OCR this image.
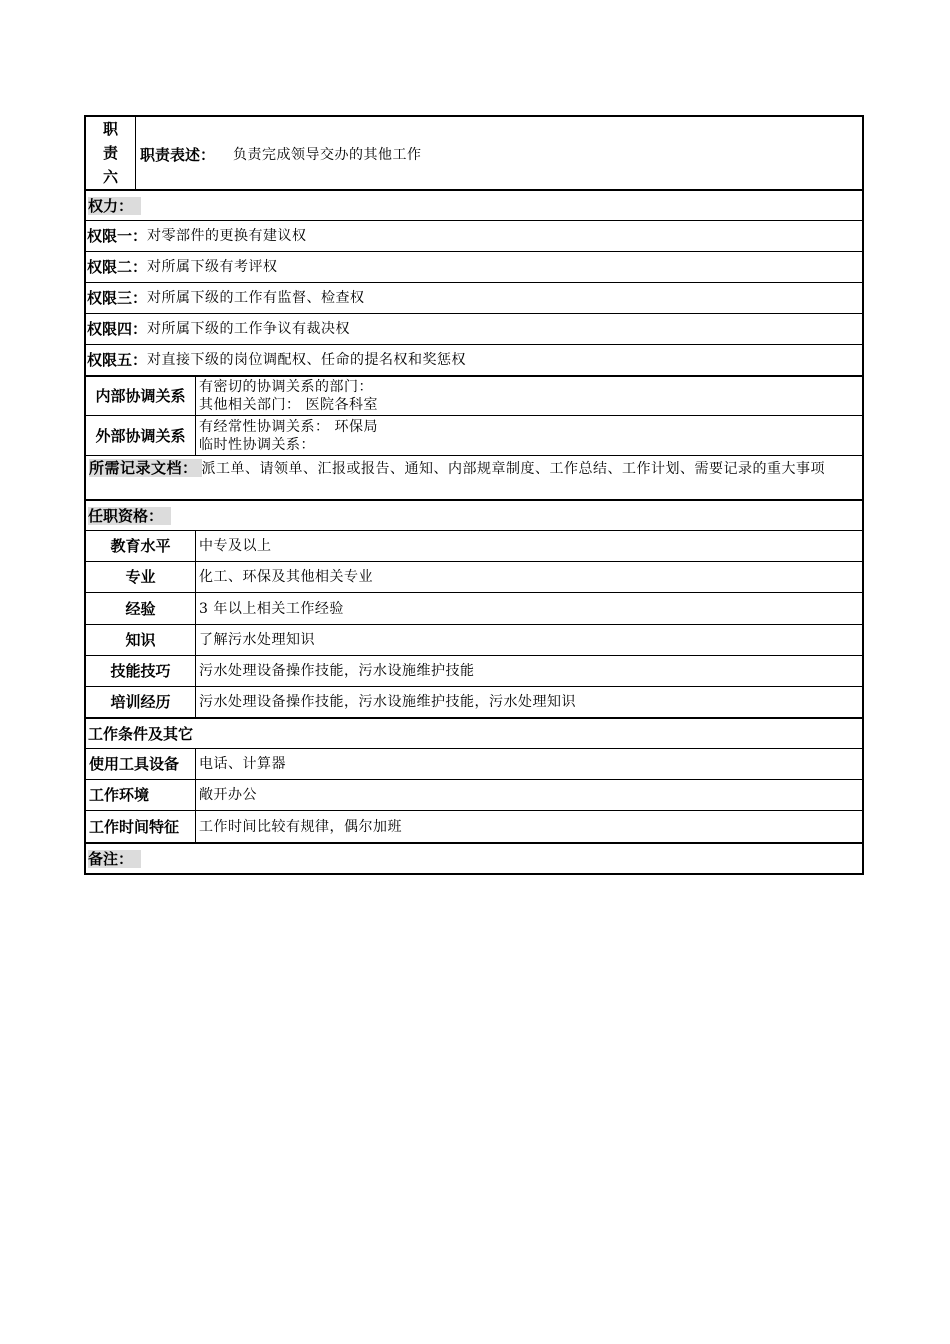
职
责
六
职责表述： 负责完成领导交办的其他工作
权力：
权限一： 对零部件的更换有建议权
权限二： 对所属下级有考评权
权限三： 对所属下级的工作有监督、检查权
权限四： 对所属下级的工作争议有裁决权
权限五： 对直接下级的岗位调配权、任命的提名权和奖惩权
内部协调关系 有密切的协调关系的部门：
其他相关部门： 医院各科室
外部协调关系 有经常性协调关系： 环保局
临时性协调关系：
所需记录文档： 派工单、请领单、汇报或报告、通知、内部规章制度、工作总结、工作计划、需要记录的重大事项
任职资格：
教育水平	中专及以上
专业	化工、环保及其他相关专业
经验	3 年以上相关工作经验
知识	了解污水处理知识
技能技巧	污水处理设备操作技能，污水设施维护技能
培训经历	污水处理设备操作技能，污水设施维护技能，污水处理知识
工作条件及其它
使用工具设备	电话、计算器
工作环境	敞开办公
工作时间特征	工作时间比较有规律，偶尔加班
备注：
